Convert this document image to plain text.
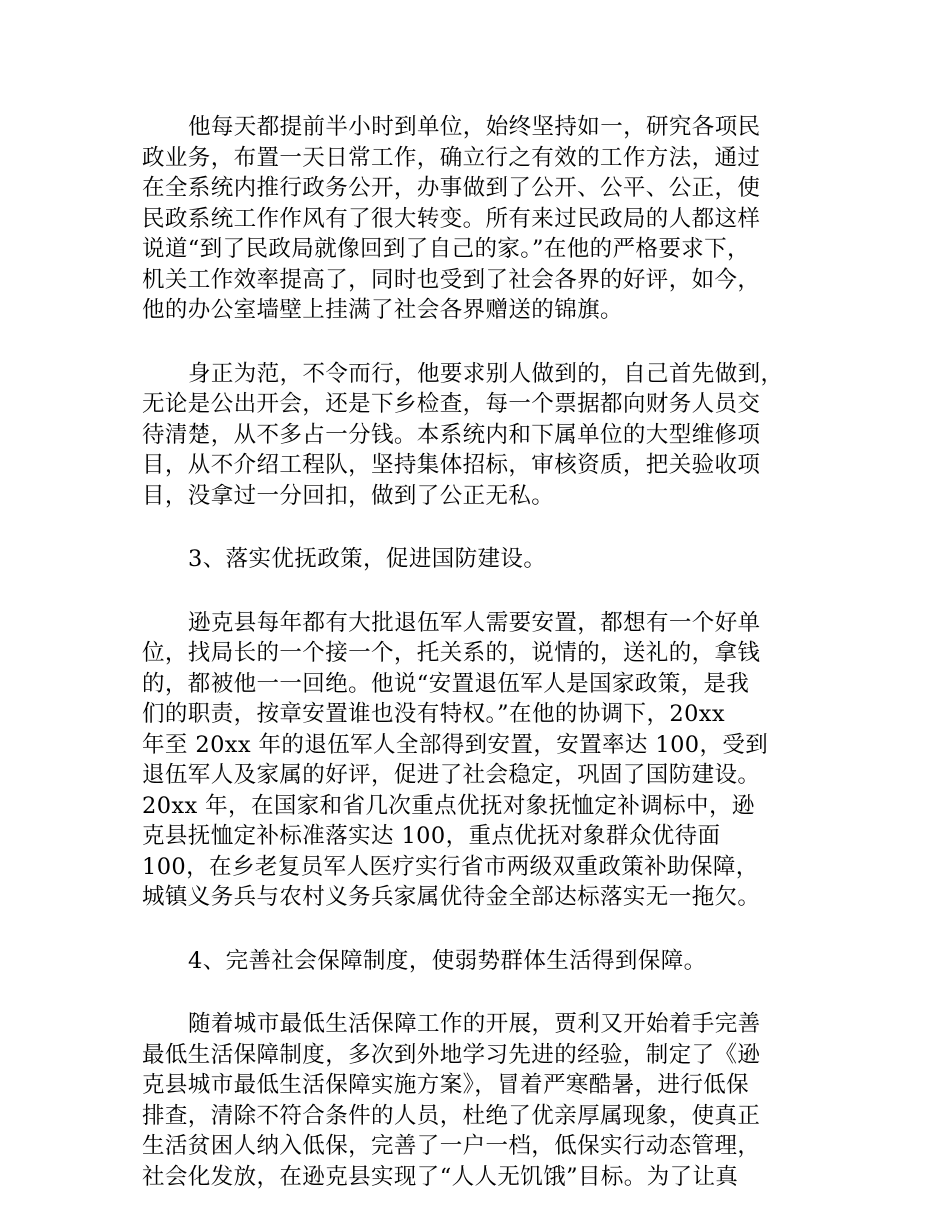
他每天都提前半小时到单位，始终坚持如一，研究各项民
政业务，布置一天日常工作，确立行之有效的工作方法，通过
在全系统内推行政务公开，办事做到了公开、公平、公正，使
民政系统工作作风有了很大转变。所有来过民政局的人都这样
说道“到了民政局就像回到了自己的家。”在他的严格要求下，
机关工作效率提高了，同时也受到了社会各界的好评，如今，
他的办公室墙壁上挂满了社会各界赠送的锦旗。
身正为范，不令而行，他要求别人做到的，自己首先做到，
无论是公出开会，还是下乡检查，每一个票据都向财务人员交
待清楚，从不多占一分钱。本系统内和下属单位的大型维修项
目，从不介绍工程队，坚持集体招标，审核资质，把关验收项
目，没拿过一分回扣，做到了公正无私。
3、落实优抚政策，促进国防建设。
逊克县每年都有大批退伍军人需要安置，都想有一个好单
位，找局长的一个接一个，托关系的，说情的，送礼的，拿钱
的，都被他一一回绝。他说“安置退伍军人是国家政策，是我
们的职责，按章安置谁也没有特权。”在他的协调下，20xx
年至 20xx 年的退伍军人全部得到安置，安置率达 100，受到
退伍军人及家属的好评，促进了社会稳定，巩固了国防建设。
20xx 年，在国家和省几次重点优抚对象抚恤定补调标中，逊
克县抚恤定补标准落实达 100，重点优抚对象群众优待面
100，在乡老复员军人医疗实行省市两级双重政策补助保障，
城镇义务兵与农村义务兵家属优待金全部达标落实无一拖欠。
4、完善社会保障制度，使弱势群体生活得到保障。
随着城市最低生活保障工作的开展，贾利又开始着手完善
最低生活保障制度，多次到外地学习先进的经验，制定了《逊
克县城市最低生活保障实施方案》，冒着严寒酷暑，进行低保
排查，清除不符合条件的人员，杜绝了优亲厚属现象，使真正
生活贫困人纳入低保，完善了一户一档，低保实行动态管理，
社会化发放，在逊克县实现了“人人无饥饿”目标。为了让真
